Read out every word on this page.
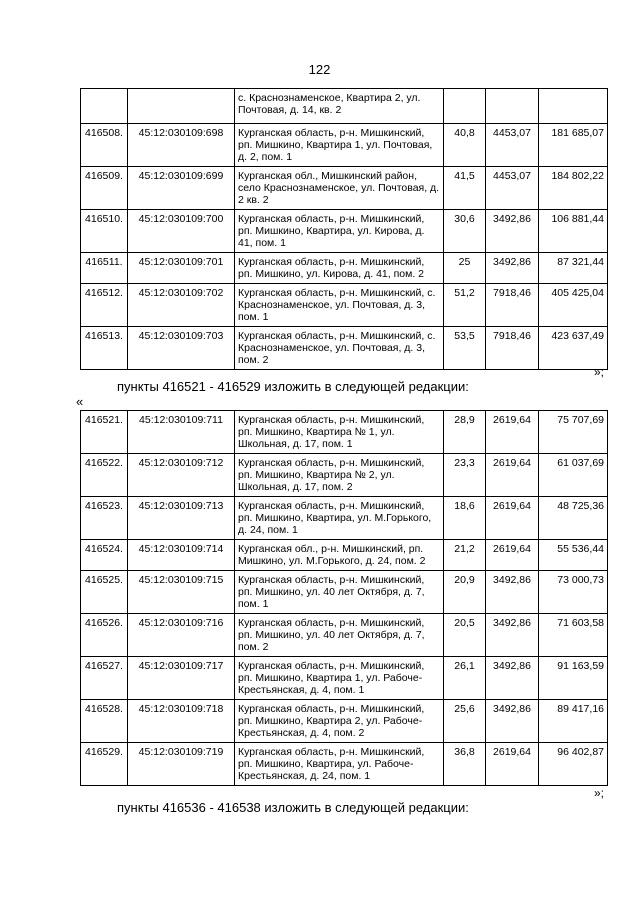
122
		с. Краснознаменское, Квартира 2, ул. Почтовая, д. 14, кв. 2			
416508.	45:12:030109:698	Курганская область, р-н. Мишкинский, рп. Мишкино, Квартира 1, ул. Почтовая, д. 2, пом. 1	40,8	4453,07	181 685,07
416509.	45:12:030109:699	Курганская обл., Мишкинский район, село Краснознаменское, ул. Почтовая, д. 2 кв. 2	41,5	4453,07	184 802,22
416510.	45:12:030109:700	Курганская область, р-н. Мишкинский, рп. Мишкино, Квартира, ул. Кирова, д. 41, пом. 1	30,6	3492,86	106 881,44
416511.	45:12:030109:701	Курганская область, р-н. Мишкинский, рп. Мишкино, ул. Кирова, д. 41, пом. 2	25	3492,86	87 321,44
416512.	45:12:030109:702	Курганская область, р-н. Мишкинский, с. Краснознаменское, ул. Почтовая, д. 3, пом. 1	51,2	7918,46	405 425,04
416513.	45:12:030109:703	Курганская область, р-н. Мишкинский, с. Краснознаменское, ул. Почтовая, д. 3, пом. 2	53,5	7918,46	423 637,49
»;
пункты 416521 - 416529 изложить в следующей редакции:
«
416521.	45:12:030109:711	Курганская область, р-н. Мишкинский, рп. Мишкино, Квартира № 1, ул. Школьная, д. 17, пом. 1	28,9	2619,64	75 707,69
416522.	45:12:030109:712	Курганская область, р-н. Мишкинский, рп. Мишкино, Квартира № 2, ул. Школьная, д. 17, пом. 2	23,3	2619,64	61 037,69
416523.	45:12:030109:713	Курганская область, р-н. Мишкинский, рп. Мишкино, Квартира, ул. М.Горького, д. 24, пом. 1	18,6	2619,64	48 725,36
416524.	45:12:030109:714	Курганская обл., р-н. Мишкинский, рп. Мишкино, ул. М.Горького, д. 24, пом. 2	21,2	2619,64	55 536,44
416525.	45:12:030109:715	Курганская область, р-н. Мишкинский, рп. Мишкино, ул. 40 лет Октября, д. 7, пом. 1	20,9	3492,86	73 000,73
416526.	45:12:030109:716	Курганская область, р-н. Мишкинский, рп. Мишкино, ул. 40 лет Октября, д. 7, пом. 2	20,5	3492,86	71 603,58
416527.	45:12:030109:717	Курганская область, р-н. Мишкинский, рп. Мишкино, Квартира 1, ул. Рабоче-Крестьянская, д. 4, пом. 1	26,1	3492,86	91 163,59
416528.	45:12:030109:718	Курганская область, р-н. Мишкинский, рп. Мишкино, Квартира 2, ул. Рабоче-Крестьянская, д. 4, пом. 2	25,6	3492,86	89 417,16
416529.	45:12:030109:719	Курганская область, р-н. Мишкинский, рп. Мишкино, Квартира, ул. Рабоче-Крестьянская, д. 24, пом. 1	36,8	2619,64	96 402,87
»;
пункты 416536 - 416538 изложить в следующей редакции:
